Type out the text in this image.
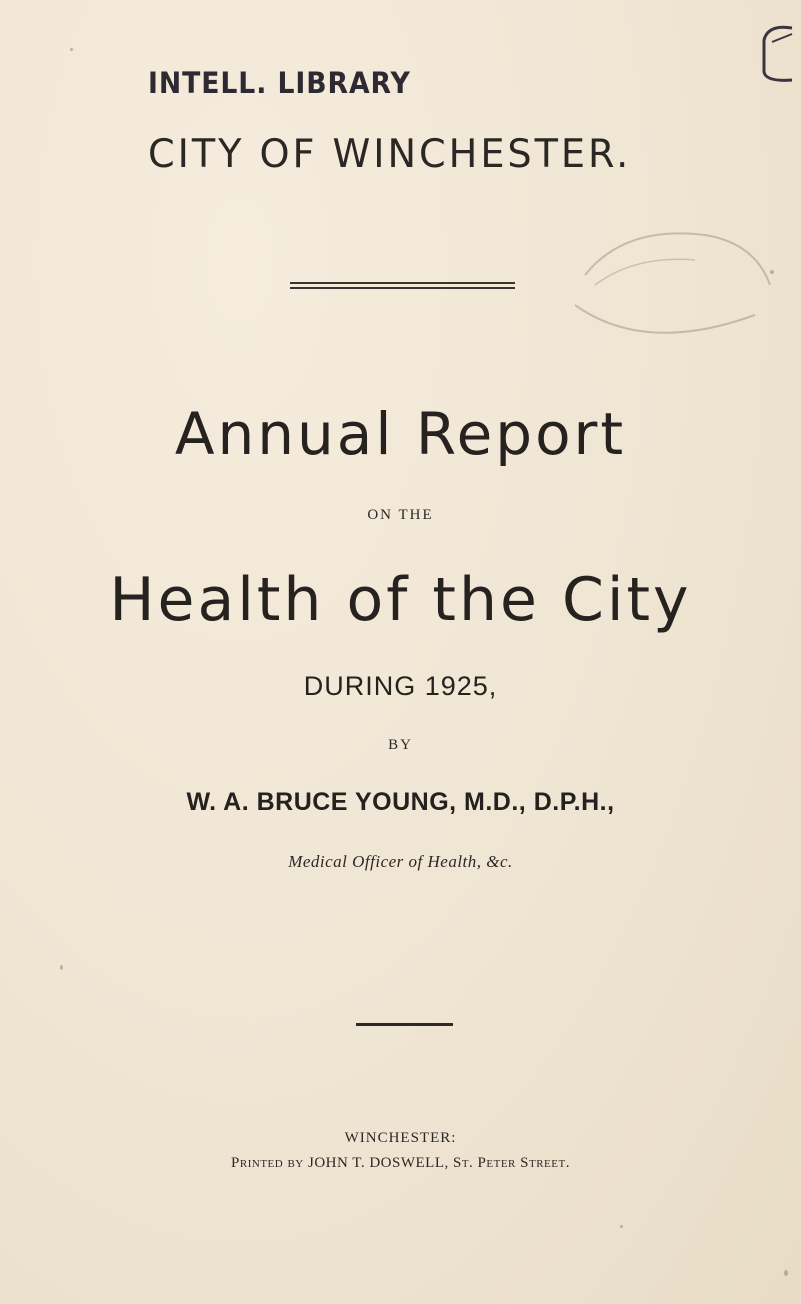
INTELL. LIBRARY
CITY OF WINCHESTER.
Annual Report
ON THE
Health of the City
DURING 1925,
BY
W. A. BRUCE YOUNG, M.D., D.P.H.,
Medical Officer of Health, &c.
WINCHESTER:
Printed by JOHN T. DOSWELL, St. Peter Street.
